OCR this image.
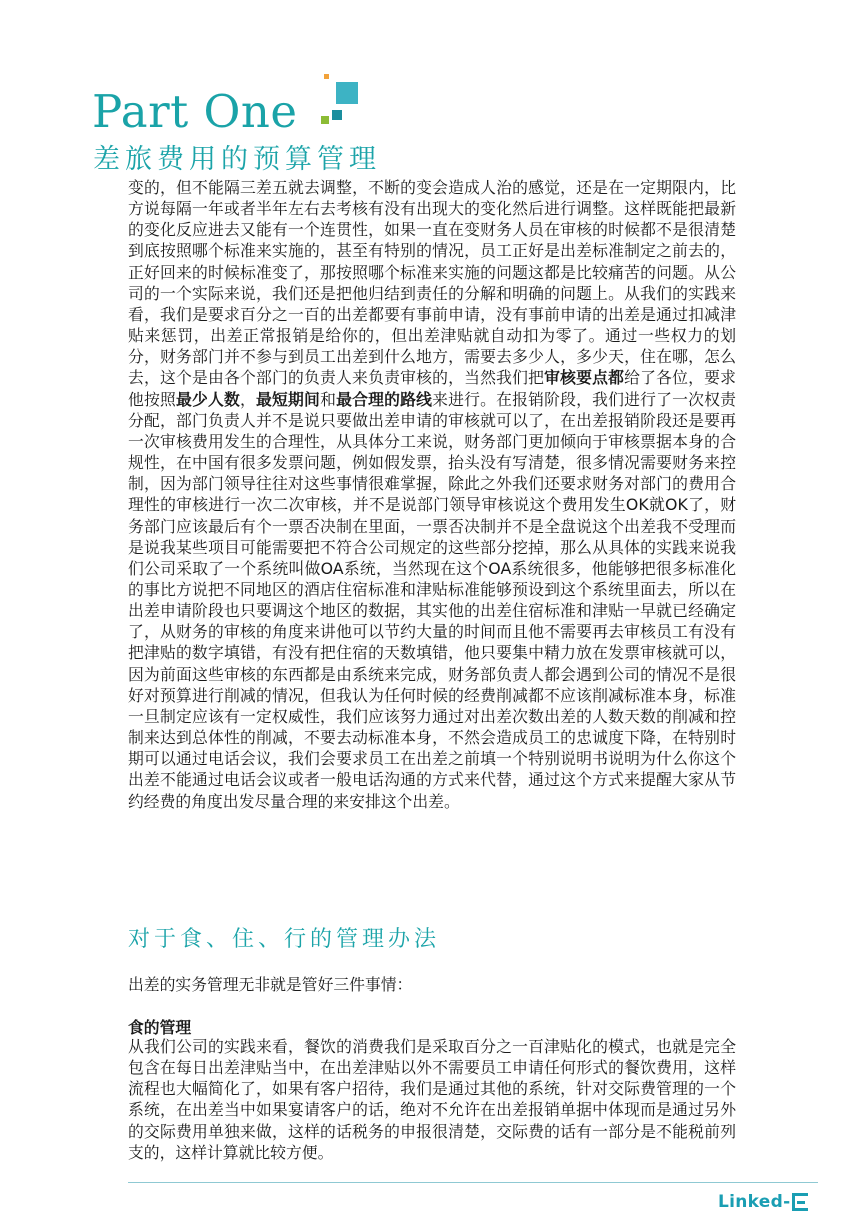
Part One
差旅费用的预算管理

变的，但不能隔三差五就去调整，不断的变会造成人治的感觉，还是在一定期限内，比方说每隔一年或者半年左右去考核有没有出现大的变化然后进行调整。这样既能把最新的变化反应进去又能有一个连贯性，如果一直在变财务人员在审核的时候都不是很清楚到底按照哪个标准来实施的，甚至有特别的情况，员工正好是出差标准制定之前去的，正好回来的时候标准变了，那按照哪个标准来实施的问题这都是比较痛苦的问题。从公司的一个实际来说，我们还是把他归结到责任的分解和明确的问题上。从我们的实践来看，我们是要求百分之一百的出差都要有事前申请，没有事前申请的出差是通过扣减津贴来惩罚，出差正常报销是给你的，但出差津贴就自动扣为零了。通过一些权力的划分，财务部门并不参与到员工出差到什么地方，需要去多少人，多少天，住在哪，怎么去，这个是由各个部门的负责人来负责审核的，当然我们把审核要点都给了各位，要求他按照最少人数，最短期间和最合理的路线来进行。在报销阶段，我们进行了一次权责分配，部门负责人并不是说只要做出差申请的审核就可以了，在出差报销阶段还是要再一次审核费用发生的合理性，从具体分工来说，财务部门更加倾向于审核票据本身的合规性，在中国有很多发票问题，例如假发票，抬头没有写清楚，很多情况需要财务来控制，因为部门领导往往对这些事情很难掌握，除此之外我们还要求财务对部门的费用合理性的审核进行一次二次审核，并不是说部门领导审核说这个费用发生OK就OK了，财务部门应该最后有个一票否决制在里面，一票否决制并不是全盘说这个出差我不受理而是说我某些项目可能需要把不符合公司规定的这些部分挖掉，那么从具体的实践来说我们公司采取了一个系统叫做OA系统，当然现在这个OA系统很多，他能够把很多标准化的事比方说把不同地区的酒店住宿标准和津贴标准能够预设到这个系统里面去，所以在出差申请阶段也只要调这个地区的数据，其实他的出差住宿标准和津贴一早就已经确定了，从财务的审核的角度来讲他可以节约大量的时间而且他不需要再去审核员工有没有把津贴的数字填错，有没有把住宿的天数填错，他只要集中精力放在发票审核就可以，因为前面这些审核的东西都是由系统来完成，财务部负责人都会遇到公司的情况不是很好对预算进行削减的情况，但我认为任何时候的经费削减都不应该削减标准本身，标准一旦制定应该有一定权威性，我们应该努力通过对出差次数出差的人数天数的削减和控制来达到总体性的削减，不要去动标准本身，不然会造成员工的忠诚度下降，在特别时期可以通过电话会议，我们会要求员工在出差之前填一个特别说明书说明为什么你这个出差不能通过电话会议或者一般电话沟通的方式来代替，通过这个方式来提醒大家从节约经费的角度出发尽量合理的来安排这个出差。

对于食、住、行的管理办法
出差的实务管理无非就是管好三件事情：
食的管理

从我们公司的实践来看，餐饮的消费我们是采取百分之一百津贴化的模式，也就是完全包含在每日出差津贴当中，在出差津贴以外不需要员工申请任何形式的餐饮费用，这样流程也大幅简化了，如果有客户招待，我们是通过其他的系统，针对交际费管理的一个系统，在出差当中如果宴请客户的话，绝对不允许在出差报销单据中体现而是通过另外的交际费用单独来做，这样的话税务的申报很清楚，交际费的话有一部分是不能税前列支的，这样计算就比较方便。

Linked-
